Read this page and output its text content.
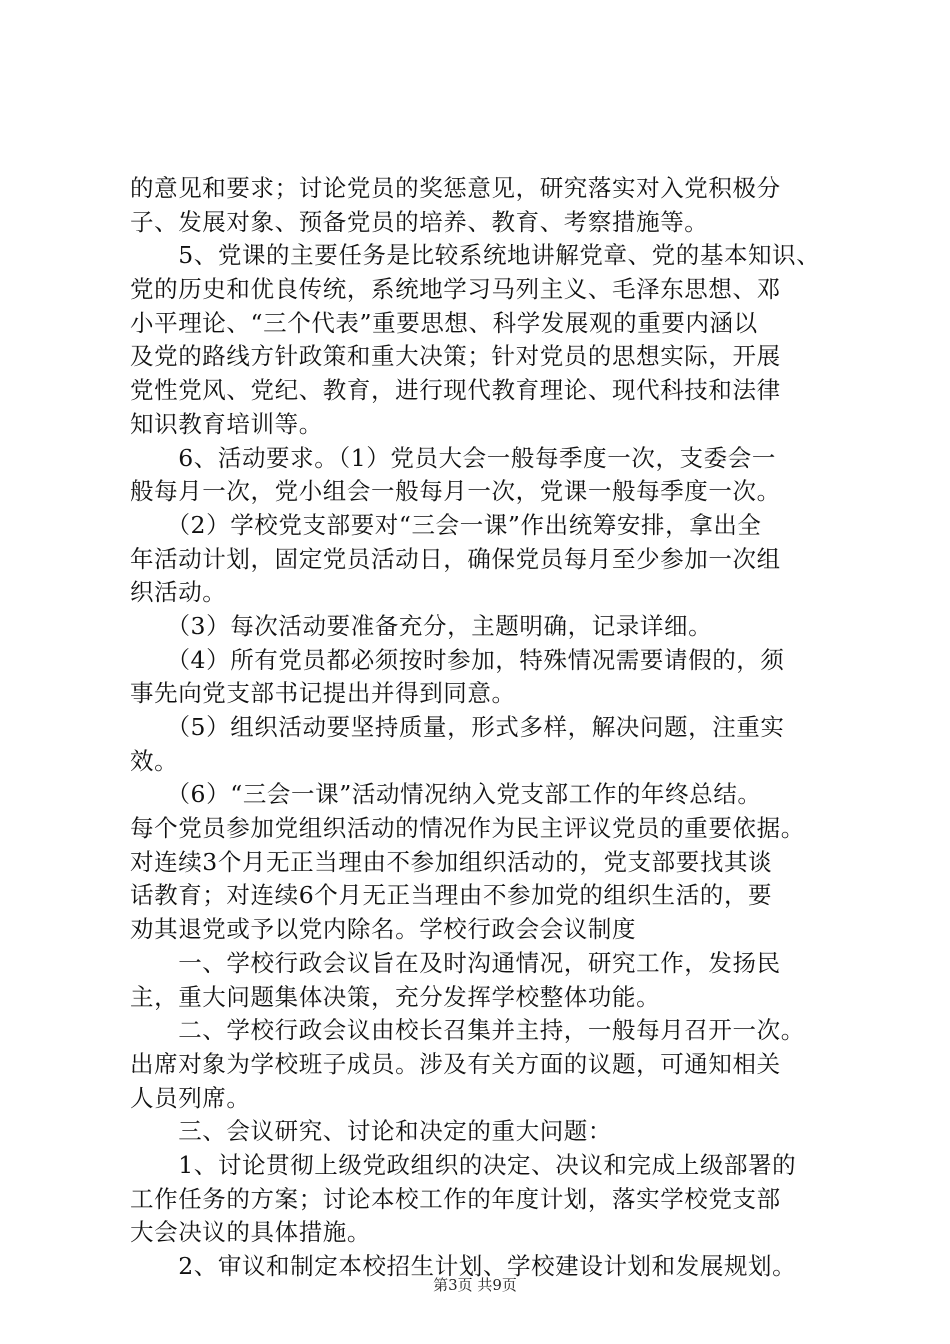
的意见和要求；讨论党员的奖惩意见，研究落实对入党积极分
子、发展对象、预备党员的培养、教育、考察措施等。
　　5、党课的主要任务是比较系统地讲解党章、党的基本知识、
党的历史和优良传统，系统地学习马列主义、毛泽东思想、邓
小平理论、“三个代表”重要思想、科学发展观的重要内涵以
及党的路线方针政策和重大决策；针对党员的思想实际，开展
党性党风、党纪、教育，进行现代教育理论、现代科技和法律
知识教育培训等。
　　6、活动要求。（1）党员大会一般每季度一次，支委会一
般每月一次，党小组会一般每月一次，党课一般每季度一次。
　　（2）学校党支部要对“三会一课”作出统筹安排，拿出全
年活动计划，固定党员活动日，确保党员每月至少参加一次组
织活动。
　　（3）每次活动要准备充分，主题明确，记录详细。
　　（4）所有党员都必须按时参加，特殊情况需要请假的，须
事先向党支部书记提出并得到同意。
　　（5）组织活动要坚持质量，形式多样，解决问题，注重实
效。
　　（6）“三会一课”活动情况纳入党支部工作的年终总结。
每个党员参加党组织活动的情况作为民主评议党员的重要依据。
对连续3个月无正当理由不参加组织活动的，党支部要找其谈
话教育；对连续6个月无正当理由不参加党的组织生活的，要
劝其退党或予以党内除名。学校行政会会议制度
　　一、学校行政会议旨在及时沟通情况，研究工作，发扬民
主，重大问题集体决策，充分发挥学校整体功能。
　　二、学校行政会议由校长召集并主持，一般每月召开一次。
出席对象为学校班子成员。涉及有关方面的议题，可通知相关
人员列席。
　　三、会议研究、讨论和决定的重大问题：
　　1、讨论贯彻上级党政组织的决定、决议和完成上级部署的
工作任务的方案；讨论本校工作的年度计划，落实学校党支部
大会决议的具体措施。
　　2、审议和制定本校招生计划、学校建设计划和发展规划。
第3页 共9页
